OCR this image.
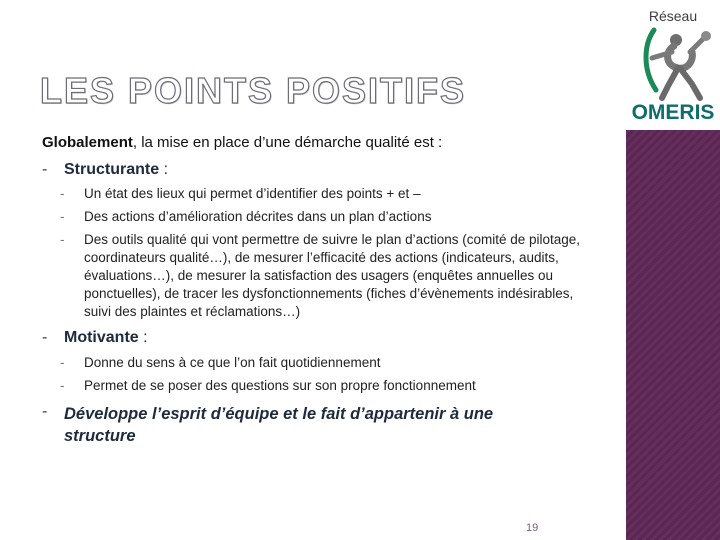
Réseau
OMERIS
LES POINTS POSITIFS
Globalement, la mise en place d’une démarche qualité est :
- Structurante :
- Un état des lieux qui permet d’identifier des points + et –
- Des actions d’amélioration décrites dans un plan d’actions
- Des outils qualité qui vont permettre de suivre le plan d’actions (comité de pilotage, coordinateurs qualité…), de mesurer l’efficacité des actions (indicateurs, audits, évaluations…), de mesurer la satisfaction des usagers (enquêtes annuelles ou ponctuelles), de tracer les dysfonctionnements (fiches d’évènements indésirables, suivi des plaintes et réclamations…)
- Motivante :
- Donne du sens à ce que l’on fait quotidiennement
- Permet de se poser des questions sur son propre fonctionnement
- Développe l’esprit d’équipe et le fait d’appartenir à une structure
19
